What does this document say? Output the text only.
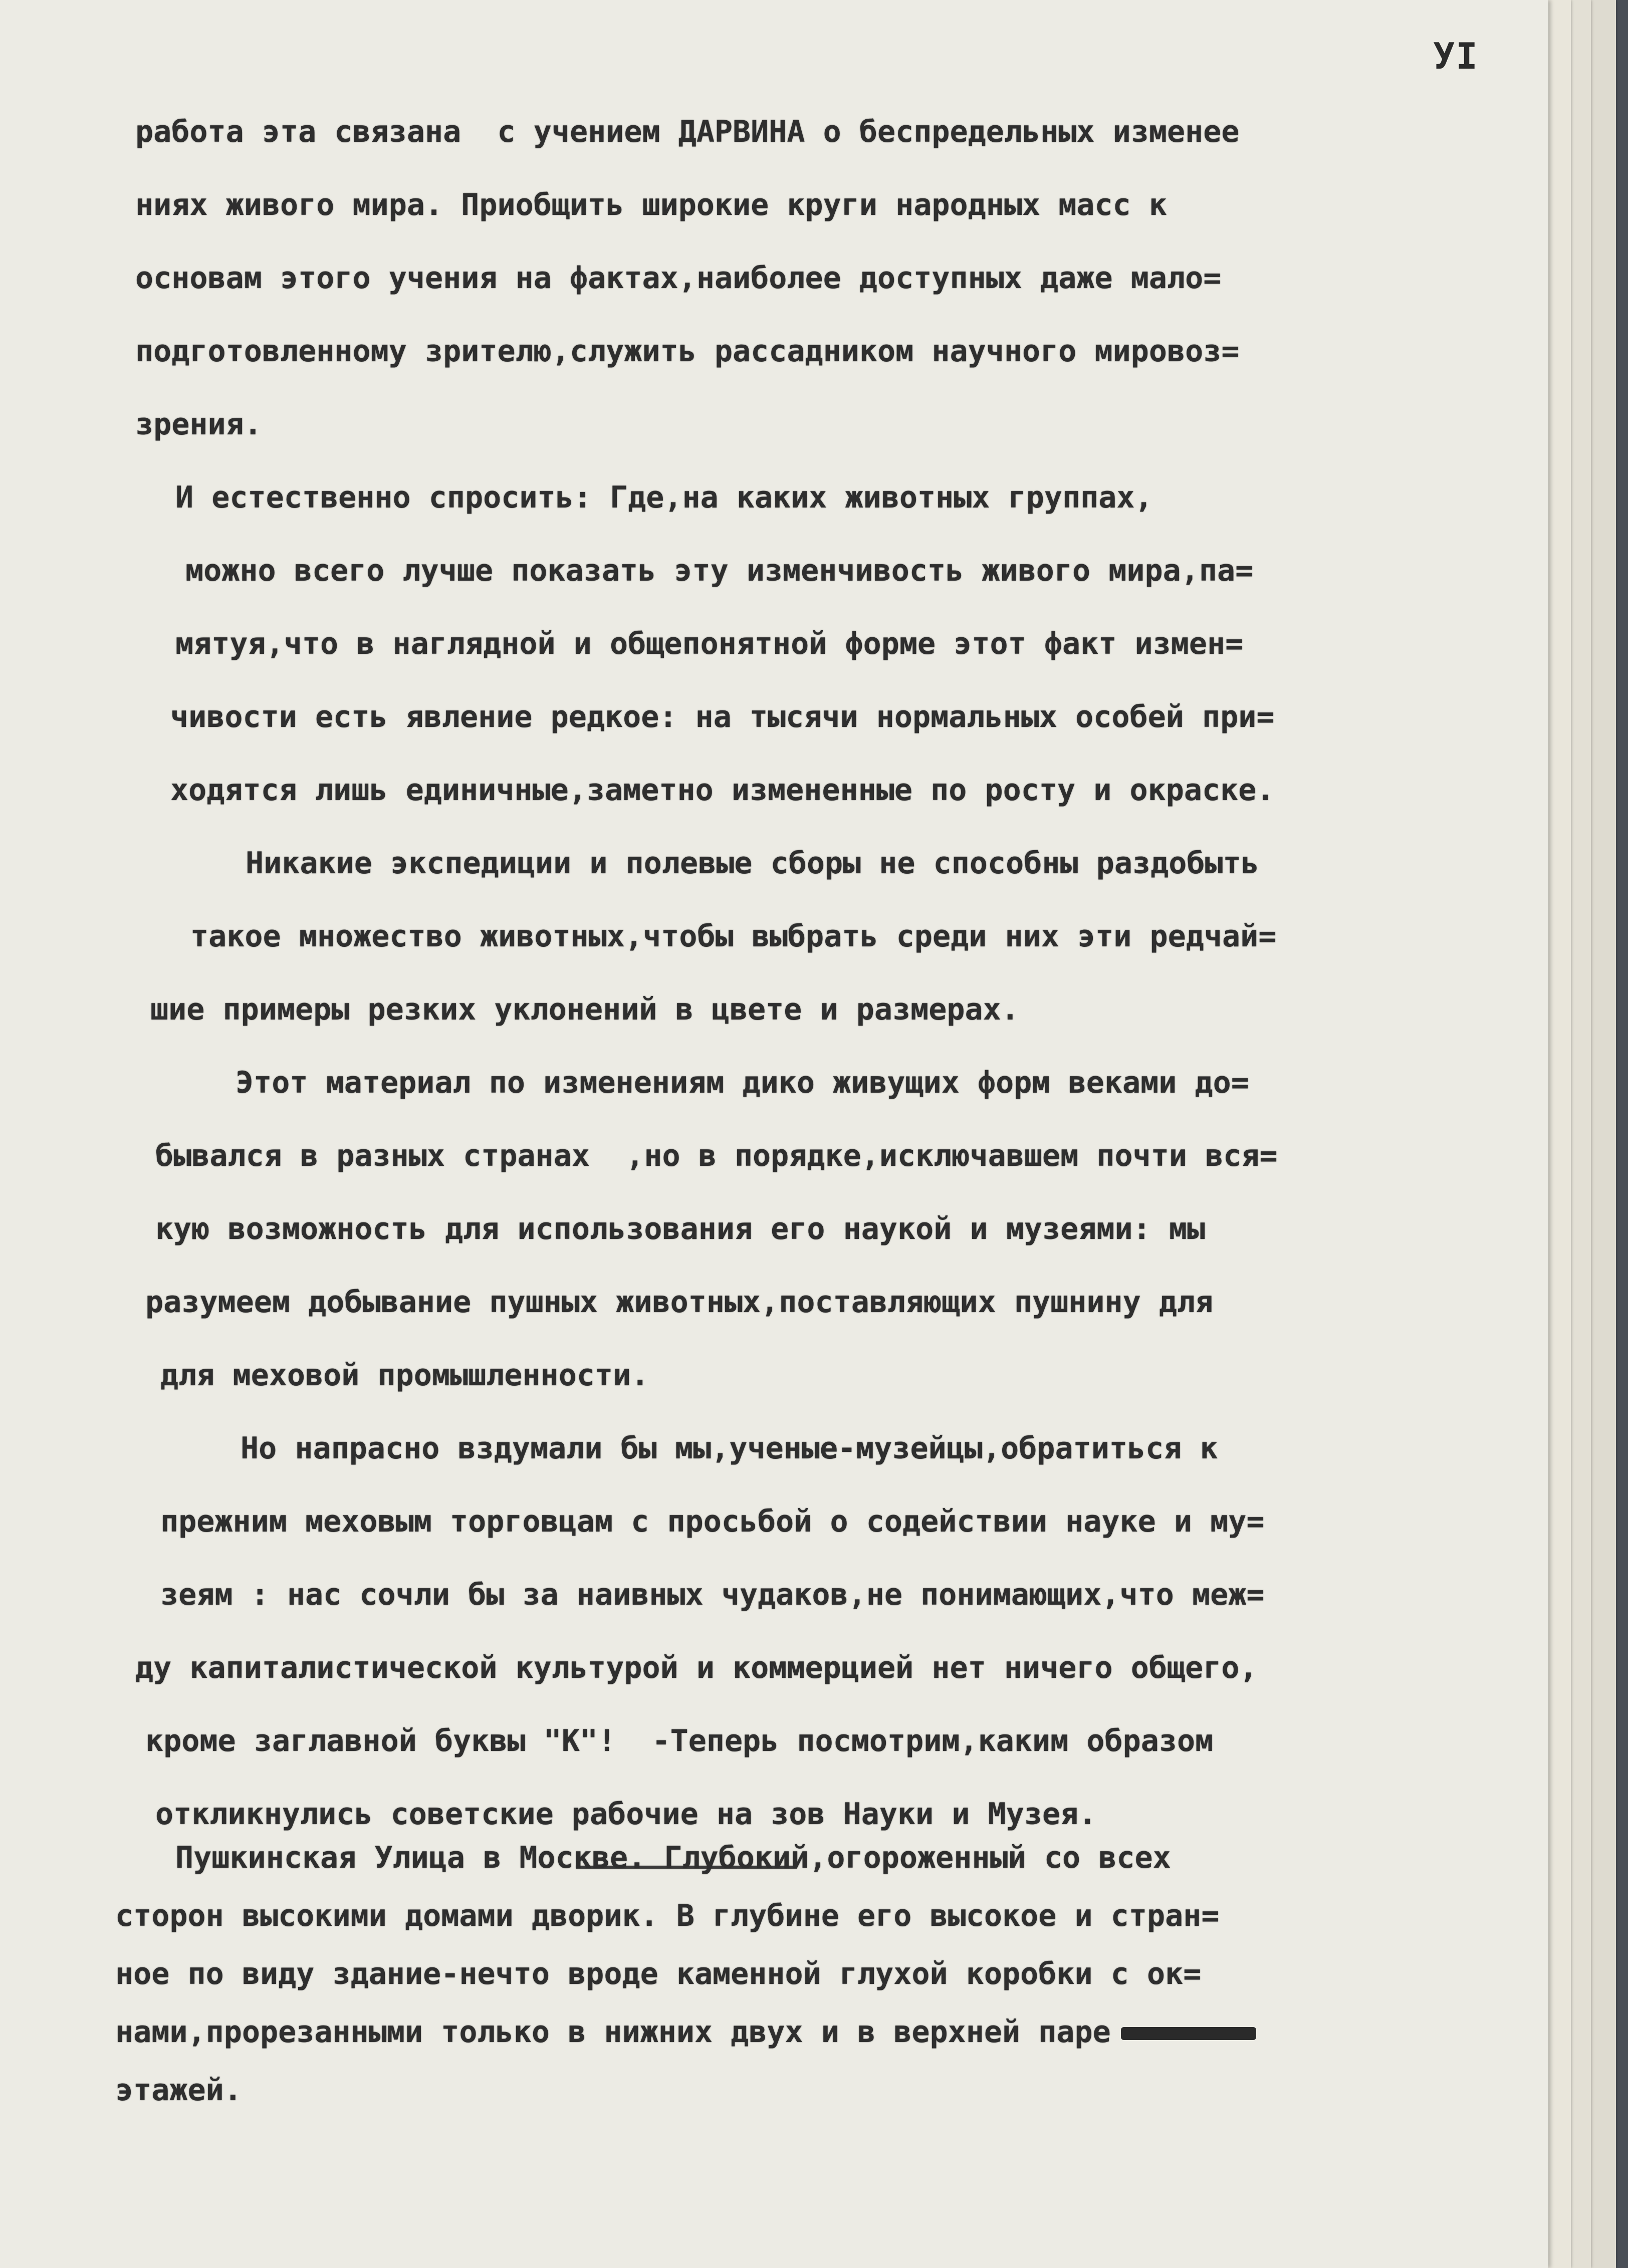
УI
работа эта связана  с учением ДАРВИНА о беспредельных изменее
ниях живого мира. Приобщить широкие круги народных масс к
основам этого учения на фактах,наиболее доступных даже мало=
подготовленному зрителю,служить рассадником научного мировоз=
зрения.
И естественно спросить: Где,на каких животных группах,
можно всего лучше показать эту изменчивость живого мира,па=
мятуя,что в наглядной и общепонятной форме этот факт измен=
чивости есть явление редкое: на тысячи нормальных особей при=
ходятся лишь единичные,заметно измененные по росту и окраске.
Никакие экспедиции и полевые сборы не способны раздобыть
такое множество животных,чтобы выбрать среди них эти редчай=
шие примеры резких уклонений в цвете и размерах.
Этот материал по изменениям дико живущих форм веками до=
бывался в разных странах  ,но в порядке,исключавшем почти вся=
кую возможность для использования его наукой и музеями: мы
разумеем добывание пушных животных,поставляющих пушнину для
для меховой промышленности.
Но напрасно вздумали бы мы,ученые-музейцы,обратиться к
прежним меховым торговцам с просьбой о содействии науке и му=
зеям : нас сочли бы за наивных чудаков,не понимающих,что меж=
ду капиталистической культурой и коммерцией нет ничего общего,
кроме заглавной буквы "К"!  -Теперь посмотрим,каким образом
откликнулись советские рабочие на зов Науки и Музея.
Пушкинская Улица в Москве. Глубокий,огороженный со всех
сторон высокими домами дворик. В глубине его высокое и стран=
ное по виду здание-нечто вроде каменной глухой коробки с ок=
нами,прорезанными только в нижних двух и в верхней паре
этажей.
